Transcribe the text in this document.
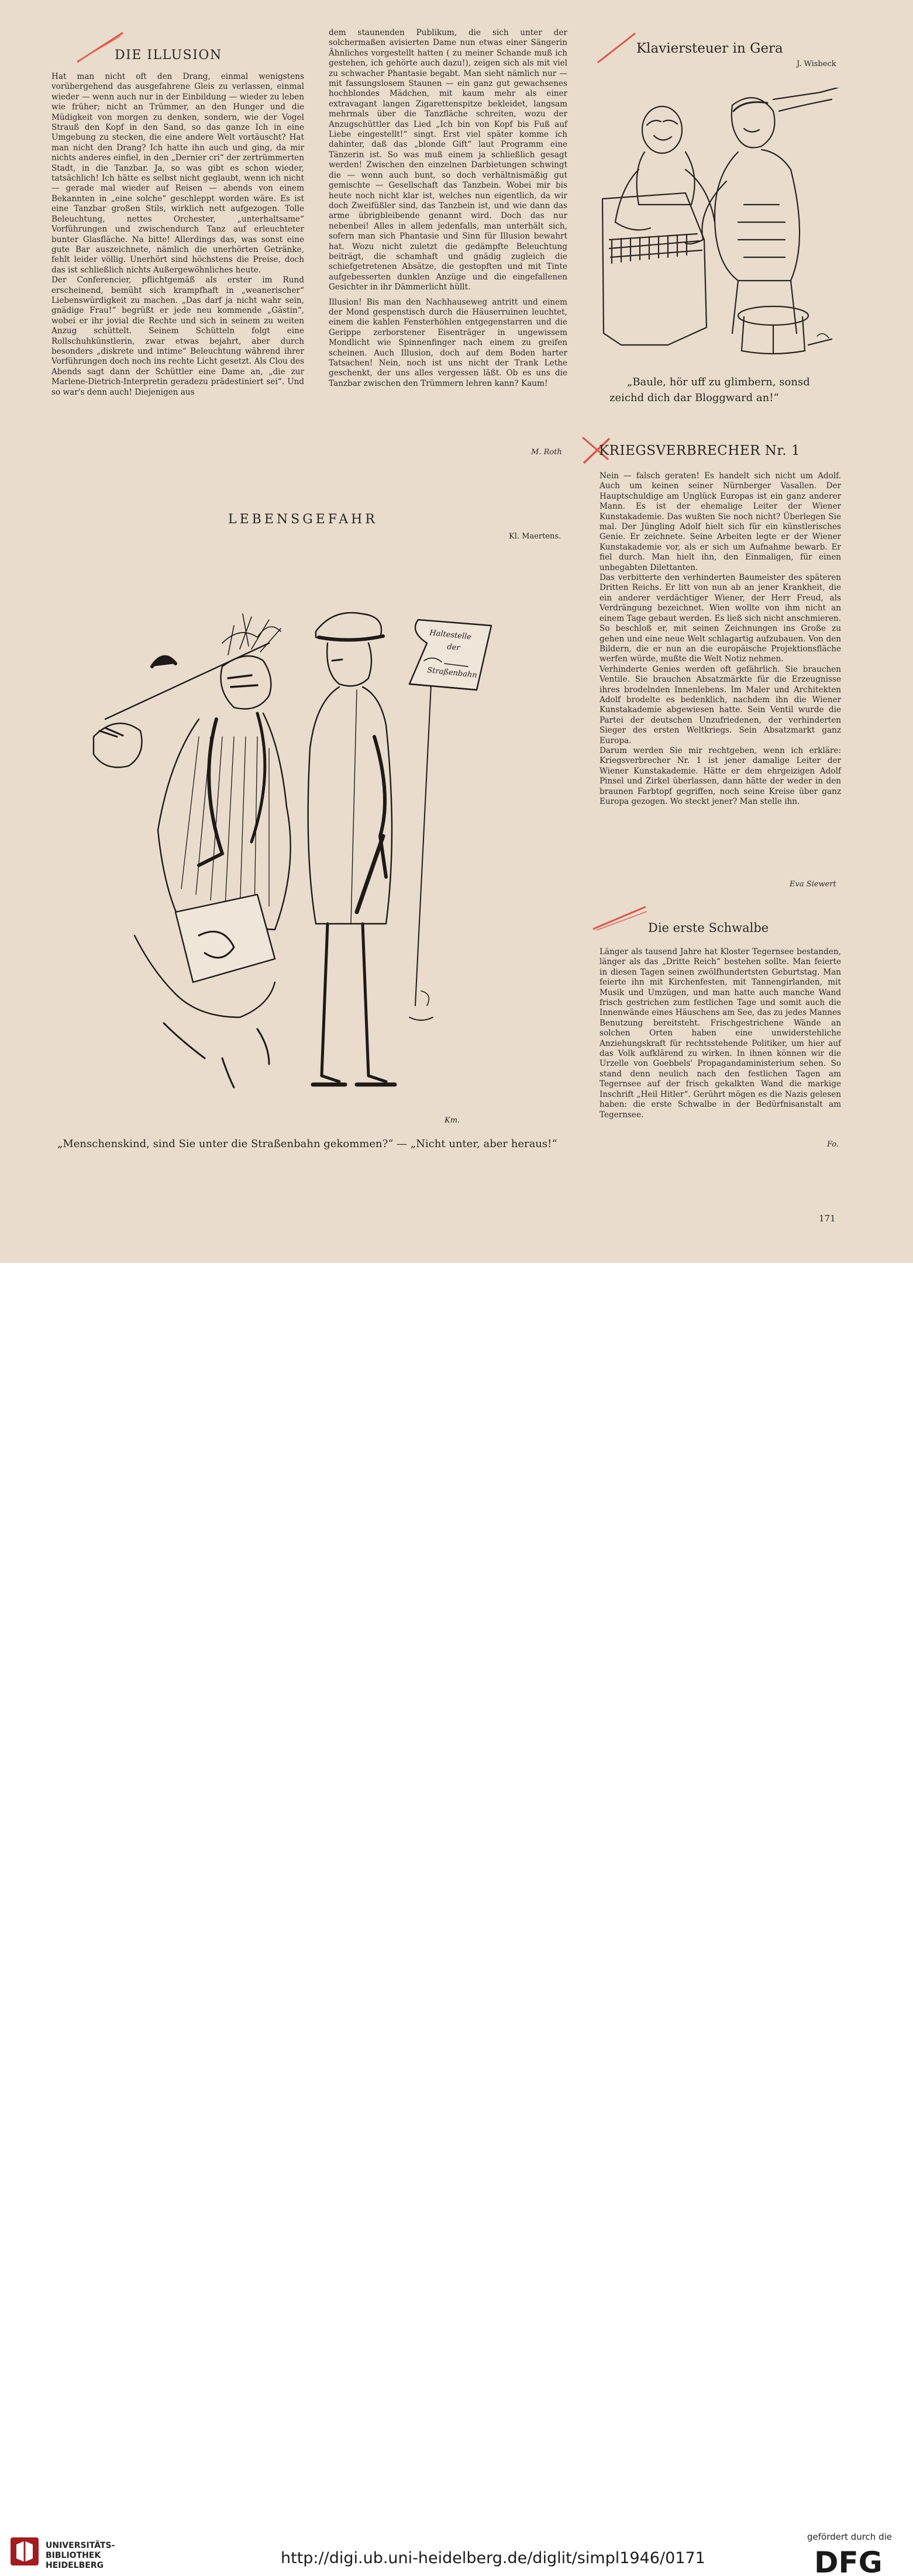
DIE ILLUSION

Hat man nicht oft den Drang, einmal wenigstens vorübergehend das ausgefahrene Gleis zu verlassen, einmal wieder — wenn auch nur in der Einbildung — wieder zu leben wie früher; nicht an Trümmer, an den Hunger und die Müdigkeit von morgen zu denken, sondern, wie der Vogel Strauß den Kopf in den Sand, so das ganze Ich in eine Umgebung zu stecken, die eine andere Welt vortäuscht? Hat man nicht den Drang? Ich hatte ihn auch und ging, da mir nichts anderes einfiel, in den „Dernier cri“ der zertrümmerten Stadt, in die Tanzbar. Ja, so was gibt es schon wieder, tatsächlich! Ich hätte es selbst nicht geglaubt, wenn ich nicht — gerade mal wieder auf Reisen — abends von einem Bekannten in „eine solche“ geschleppt worden wäre. Es ist eine Tanzbar großen Stils, wirklich nett aufgezogen. Tolle Beleuchtung, nettes Orchester, „unterhaltsame“ Vorführungen und zwischendurch Tanz auf erleuchteter bunter Glasfläche. Na bitte! Allerdings das, was sonst eine gute Bar auszeichnete, nämlich die unerhörten Getränke, fehlt leider völlig. Unerhört sind höchstens die Preise, doch das ist schließlich nichts Außergewöhnliches heute.

Der Conferencier, pflichtgemäß als erster im Rund erscheinend, bemüht sich krampfhaft in „weanerischer“ Liebenswürdigkeit zu machen. „Das darf ja nicht wahr sein, gnädige Frau!“ begrüßt er jede neu kommende „Gästin“, wobei er ihr jovial die Rechte und sich in seinem zu weiten Anzug schüttelt. Seinem Schütteln folgt eine Rollschuhkünstlerin, zwar etwas bejahrt, aber durch besonders „diskrete und intime“ Beleuchtung während ihrer Vorführungen doch noch ins rechte Licht gesetzt. Als Clou des Abends sagt dann der Schüttler eine Dame an, „die zur Marlene-Dietrich-Interpretin geradezu prädestiniert sei“. Und so war's denn auch! Diejenigen aus

dem staunenden Publikum, die sich unter der solchermaßen avisierten Dame nun etwas einer Sängerin Ähnliches vorgestellt hatten ( zu meiner Schande muß ich gestehen, ich gehörte auch dazu!), zeigen sich als mit viel zu schwacher Phantasie begabt. Man sieht nämlich nur — mit fassungslosem Staunen — ein ganz gut gewachsenes hochblondes Mädchen, mit kaum mehr als einer extravagant langen Zigarettenspitze bekleidet, langsam mehrmals über die Tanzfläche schreiten, wozu der Anzugschüttler das Lied „Ich bin von Kopf bis Fuß auf Liebe eingestellt!“ singt. Erst viel später komme ich dahinter, daß das „blonde Gift“ laut Programm eine Tänzerin ist. So was muß einem ja schließlich gesagt werden! Zwischen den einzelnen Darbietungen schwingt die — wenn auch bunt, so doch verhältnismäßig gut gemischte — Gesellschaft das Tanzbein. Wobei mir bis heute noch nicht klar ist, welches nun eigentlich, da wir doch Zweifüßler sind, das Tanzbein ist, und wie dann das arme übrigbleibende genannt wird. Doch das nur nebenbei! Alles in allem jedenfalls, man unterhält sich, sofern man sich Phantasie und Sinn für Illusion bewahrt hat. Wozu nicht zuletzt die gedämpfte Beleuchtung beiträgt, die schamhaft und gnädig zugleich die schiefgetretenen Absätze, die gestopften und mit Tinte aufgebesserten dunklen Anzüge und die eingefallenen Gesichter in ihr Dämmerlicht hüllt.

Illusion! Bis man den Nachhauseweg antritt und einem der Mond gespenstisch durch die Häuserruinen leuchtet, einem die kahlen Fensterhöhlen entgegenstarren und die Gerippe zerborstener Eisenträger in ungewissem Mondlicht wie Spinnenfinger nach einem zu greifen scheinen. Auch Illusion, doch auf dem Boden harter Tatsachen! Nein, noch ist uns nicht der Trank Lethe geschenkt, der uns alles vergessen läßt. Ob es uns die Tanzbar zwischen den Trümmern lehren kann? Kaum!

M. Roth
Klaviersteuer in Gera
J. Wisbeck
„Baule, hör uff zu glimbern, sonsd
zeichd dich dar Bloggward an!“
KRIEGSVERBRECHER Nr. 1

Nein — falsch geraten! Es handelt sich nicht um Adolf. Auch um keinen seiner Nürnberger Vasallen. Der Hauptschuldige am Unglück Europas ist ein ganz anderer Mann. Es ist der ehemalige Leiter der Wiener Kunstakademie. Das wußten Sie noch nicht? Überlegen Sie mal. Der Jüngling Adolf hielt sich für ein künstlerisches Genie. Er zeichnete. Seine Arbeiten legte er der Wiener Kunstakademie vor, als er sich um Aufnahme bewarb. Er fiel durch. Man hielt ihn, den Einmaligen, für einen unbegabten Dilettanten.

Das verbitterte den verhinderten Baumeister des späteren Dritten Reichs. Er litt von nun ab an jener Krankheit, die ein anderer verdächtiger Wiener, der Herr Freud, als Verdrängung bezeichnet. Wien wollte von ihm nicht an einem Tage gebaut werden. Es ließ sich nicht anschmieren. So beschloß er, mit seinen Zeichnungen ins Große zu gehen und eine neue Welt schlagartig aufzubauen. Von den Bildern, die er nun an die europäische Projektionsfläche werfen würde, mußte die Welt Notiz nehmen.

Verhinderte Genies werden oft gefährlich. Sie brauchen Ventile. Sie brauchen Absatzmärkte für die Erzeugnisse ihres brodelnden Innenlebens. Im Maler und Architekten Adolf brodelte es bedenklich, nachdem ihn die Wiener Kunstakademie abgewiesen hatte. Sein Ventil wurde die Partei der deutschen Unzufriedenen, der verhinderten Sieger des ersten Weltkriegs. Sein Absatzmarkt ganz Europa.

Darum werden Sie mir rechtgeben, wenn ich erkläre: Kriegsverbrecher Nr. 1 ist jener damalige Leiter der Wiener Kunstakademie. Hätte er dem ehrgeizigen Adolf Pinsel und Zirkel überlassen, dann hätte der weder in den braunen Farbtopf gegriffen, noch seine Kreise über ganz Europa gezogen. Wo steckt jener? Man stelle ihn.

Eva Siewert
Die erste Schwalbe

Länger als tausend Jahre hat Kloster Tegernsee bestanden, länger als das „Dritte Reich“ bestehen sollte. Man feierte in diesen Tagen seinen zwölfhundertsten Geburtstag. Man feierte ihn mit Kirchenfesten, mit Tannengirlanden, mit Musik und Umzügen, und man hatte auch manche Wand frisch gestrichen zum festlichen Tage und somit auch die Innenwände eines Häuschens am See, das zu jedes Mannes Benutzung bereitsteht. Frischgestrichene Wände an solchen Orten haben eine unwiderstehliche Anziehungskraft für rechtsstehende Politiker, um hier auf das Volk aufklärend zu wirken. In ihnen können wir die Urzelle von Goebbels' Propagandaministerium sehen. So stand denn neulich nach den festlichen Tagen am Tegernsee auf der frisch gekalkten Wand die markige Inschrift „Heil Hitler“. Gerührt mögen es die Nazis gelesen haben: die erste Schwalbe in der Bedürfnisanstalt am Tegernsee.

Fo.
LEBENSGEFAHR
Kl. Maertens.
Haltestelle
der
Straßenbahn
Km.
„Menschenskind, sind Sie unter die Straßenbahn gekommen?“ — „Nicht unter, aber heraus!“
171
UNIVERSITÄTS-
BIBLIOTHEK
HEIDELBERG	http://digi.ub.uni-heidelberg.de/diglit/simpl1946/0171
gefördert durch die
DFG
